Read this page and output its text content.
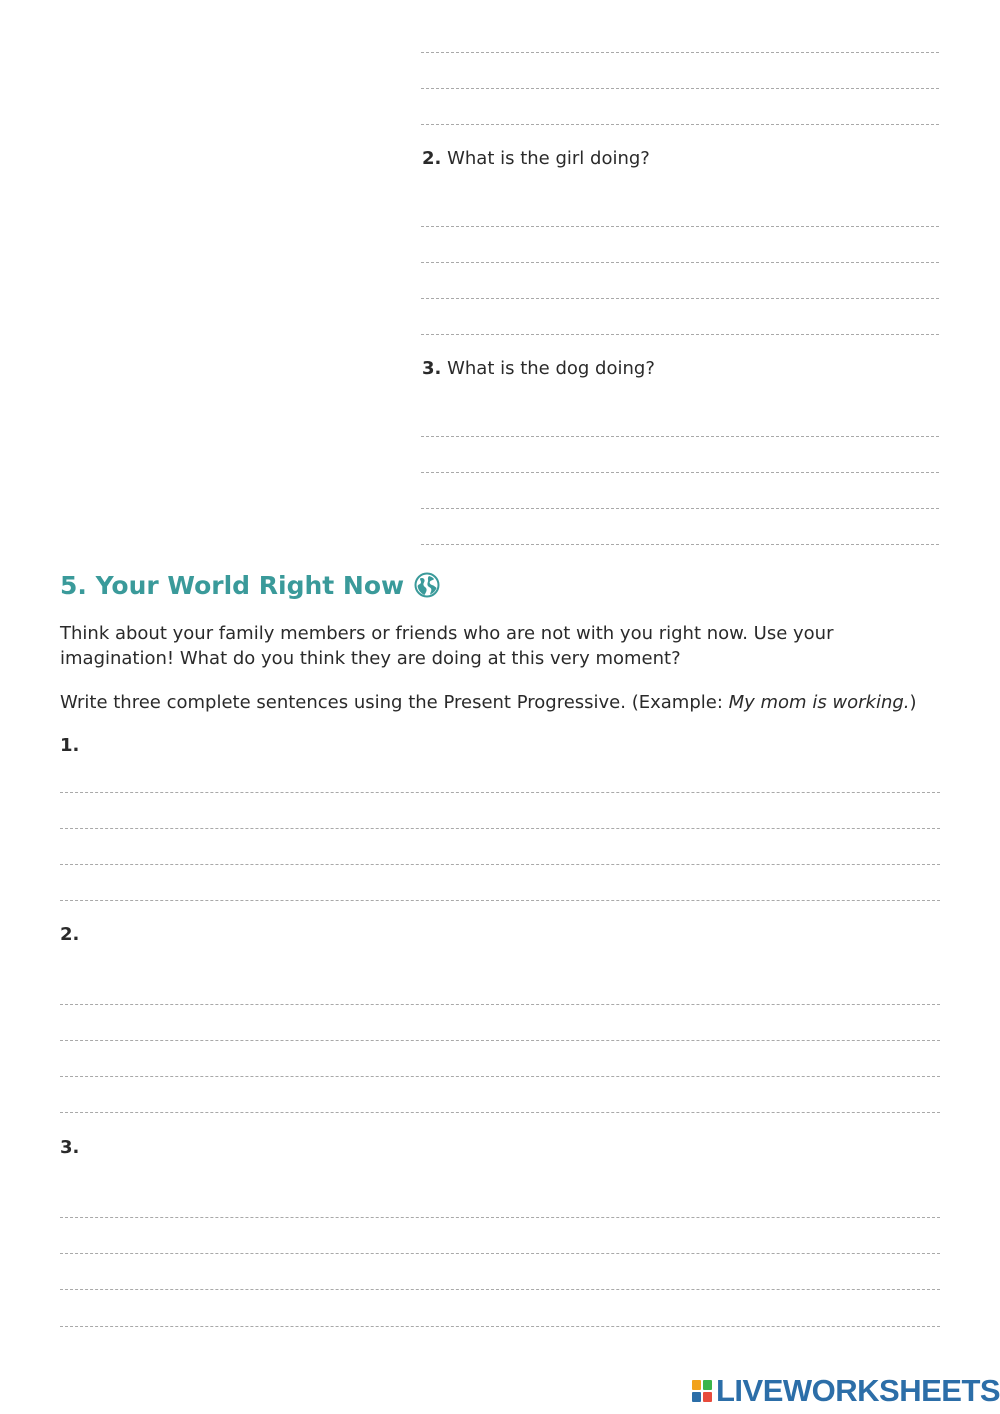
2. What is the girl doing?
3. What is the dog doing?
5. Your World Right Now
Think about your family members or friends who are not with you right now. Use your imagination! What do you think they are doing at this very moment?
Write three complete sentences using the Present Progressive. (Example: My mom is working.)
1.
2.
3.
LIVEWORKSHEETS
